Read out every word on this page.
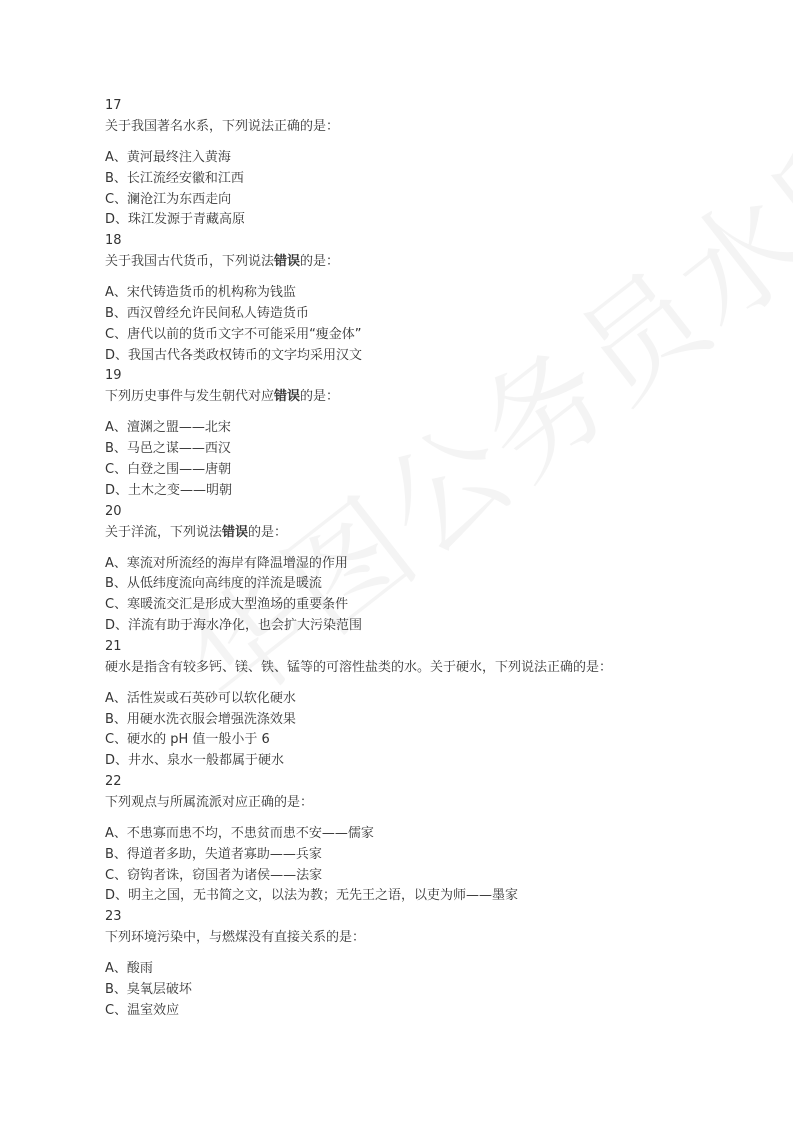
17
关于我国著名水系，下列说法正确的是：
A、黄河最终注入黄海
B、长江流经安徽和江西
C、澜沧江为东西走向
D、珠江发源于青藏高原
18
关于我国古代货币，下列说法错误的是：
A、宋代铸造货币的机构称为钱监
B、西汉曾经允许民间私人铸造货币
C、唐代以前的货币文字不可能采用“瘦金体”
D、我国古代各类政权铸币的文字均采用汉文
19
下列历史事件与发生朝代对应错误的是：
A、澶渊之盟——北宋
B、马邑之谋——西汉
C、白登之围——唐朝
D、土木之变——明朝
20
关于洋流，下列说法错误的是：
A、寒流对所流经的海岸有降温增湿的作用
B、从低纬度流向高纬度的洋流是暖流
C、寒暖流交汇是形成大型渔场的重要条件
D、洋流有助于海水净化，也会扩大污染范围
21
硬水是指含有较多钙、镁、铁、锰等的可溶性盐类的水。关于硬水，下列说法正确的是：
A、活性炭或石英砂可以软化硬水
B、用硬水洗衣服会增强洗涤效果
C、硬水的 pH 值一般小于 6
D、井水、泉水一般都属于硬水
22
下列观点与所属流派对应正确的是：
A、不患寡而患不均，不患贫而患不安——儒家
B、得道者多助，失道者寡助——兵家
C、窃钩者诛，窃国者为诸侯——法家
D、明主之国，无书简之文，以法为教；无先王之语，以吏为师——墨家
23
下列环境污染中，与燃煤没有直接关系的是：
A、酸雨
B、臭氧层破坏
C、温室效应
